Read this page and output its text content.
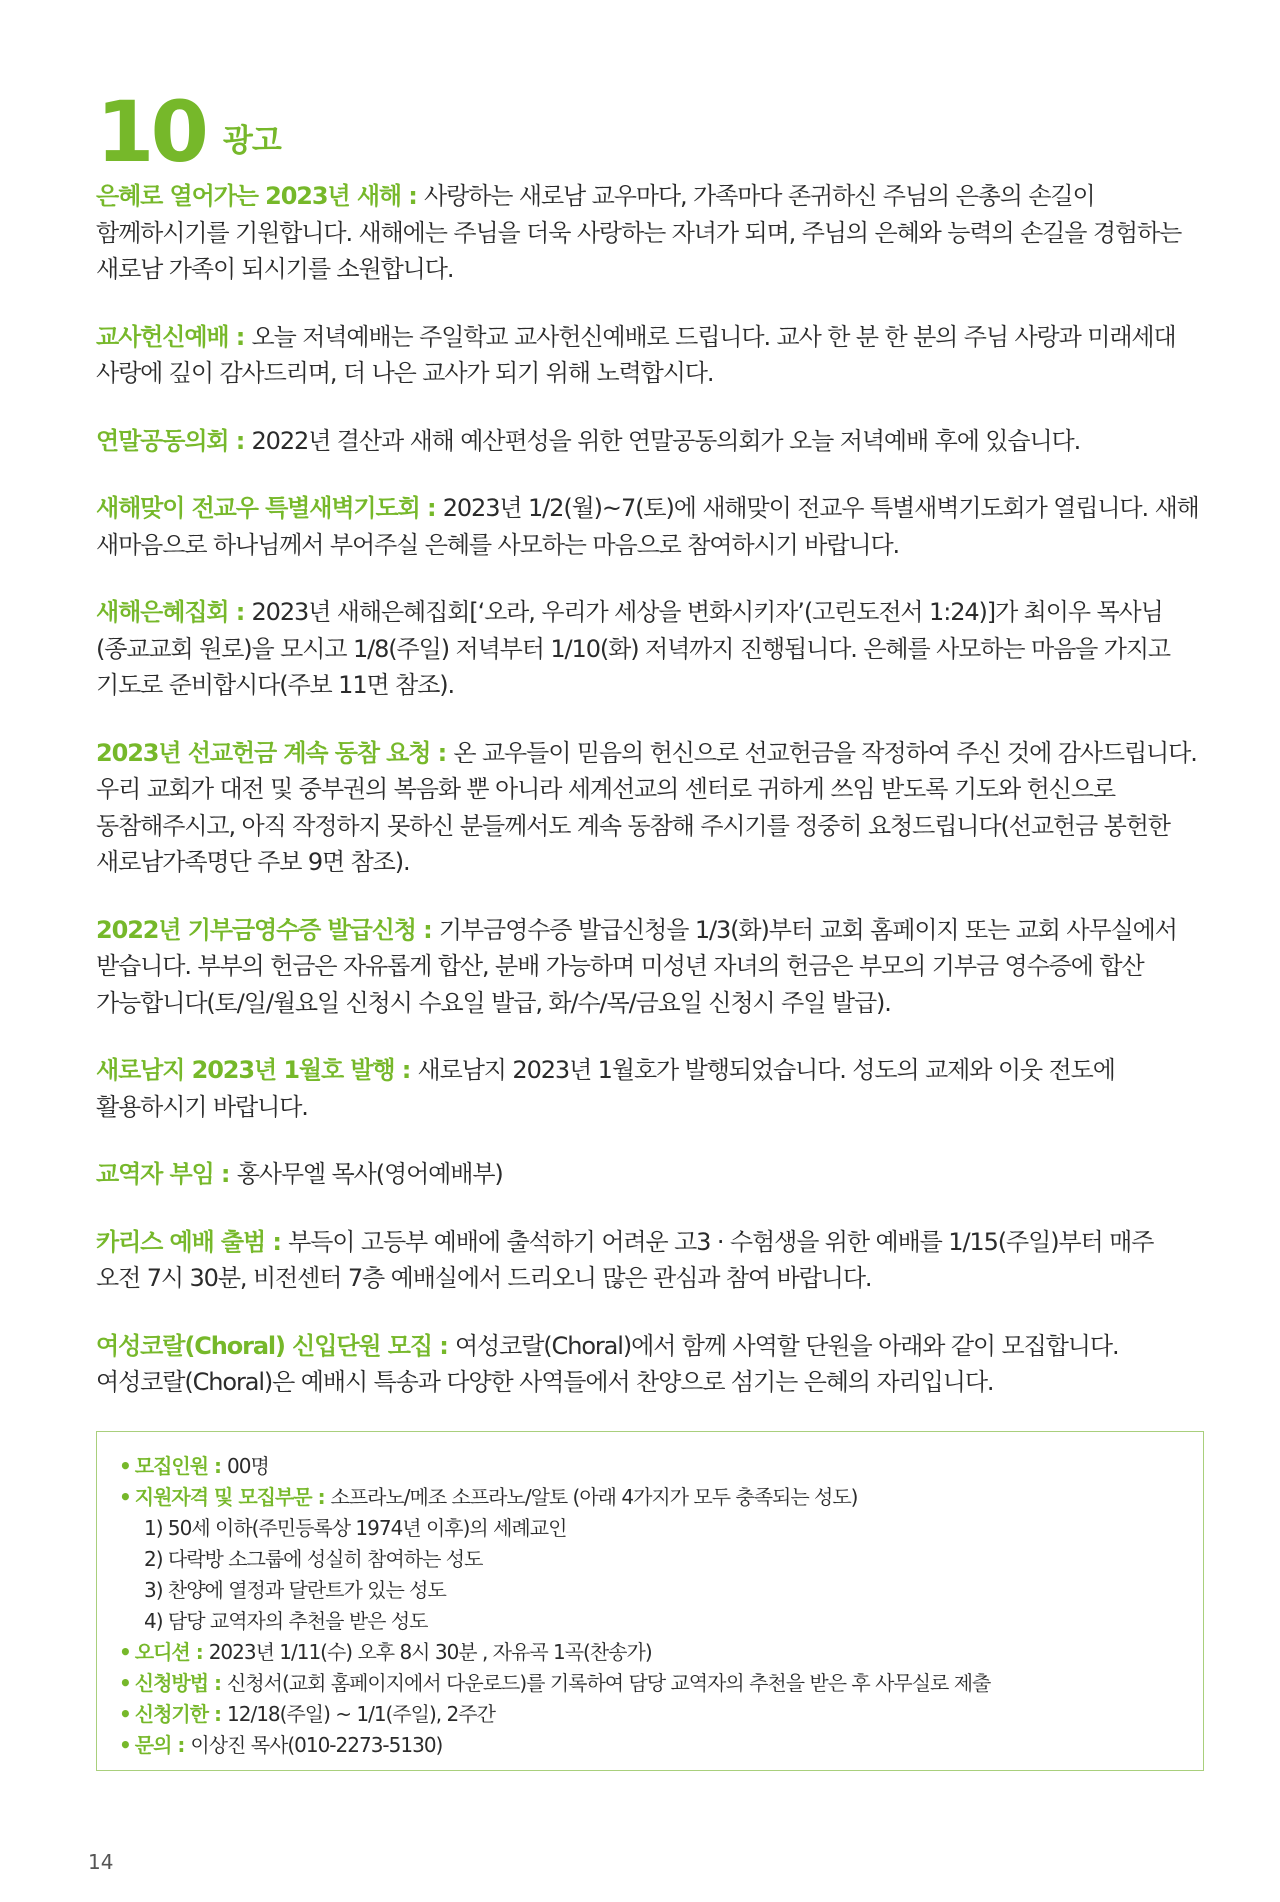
10 광고

은혜로 열어가는 2023년 새해 : 사랑하는 새로남 교우마다, 가족마다 존귀하신 주님의 은총의 손길이 함께하시기를 기원합니다. 새해에는 주님을 더욱 사랑하는 자녀가 되며, 주님의 은혜와 능력의 손길을 경험하는 새로남 가족이 되시기를 소원합니다.

교사헌신예배 : 오늘 저녁예배는 주일학교 교사헌신예배로 드립니다. 교사 한 분 한 분의 주님 사랑과 미래세대 사랑에 깊이 감사드리며, 더 나은 교사가 되기 위해 노력합시다.

연말공동의회 : 2022년 결산과 새해 예산편성을 위한 연말공동의회가 오늘 저녁예배 후에 있습니다.

새해맞이 전교우 특별새벽기도회 : 2023년 1/2(월)~7(토)에 새해맞이 전교우 특별새벽기도회가 열립니다. 새해 새마음으로 하나님께서 부어주실 은혜를 사모하는 마음으로 참여하시기 바랍니다.

새해은혜집회 : 2023년 새해은혜집회[‘오라, 우리가 세상을 변화시키자’(고린도전서 1:24)]가 최이우 목사님(종교교회 원로)을 모시고 1/8(주일) 저녁부터 1/10(화) 저녁까지 진행됩니다. 은혜를 사모하는 마음을 가지고 기도로 준비합시다(주보 11면 참조).

2023년 선교헌금 계속 동참 요청 : 온 교우들이 믿음의 헌신으로 선교헌금을 작정하여 주신 것에 감사드립니다. 우리 교회가 대전 및 중부권의 복음화 뿐 아니라 세계선교의 센터로 귀하게 쓰임 받도록 기도와 헌신으로 동참해주시고, 아직 작정하지 못하신 분들께서도 계속 동참해 주시기를 정중히 요청드립니다(선교헌금 봉헌한 새로남가족명단 주보 9면 참조).

2022년 기부금영수증 발급신청 : 기부금영수증 발급신청을 1/3(화)부터 교회 홈페이지 또는 교회 사무실에서 받습니다. 부부의 헌금은 자유롭게 합산, 분배 가능하며 미성년 자녀의 헌금은 부모의 기부금 영수증에 합산 가능합니다(토/일/월요일 신청시 수요일 발급, 화/수/목/금요일 신청시 주일 발급).

새로남지 2023년 1월호 발행 : 새로남지 2023년 1월호가 발행되었습니다. 성도의 교제와 이웃 전도에 활용하시기 바랍니다.

교역자 부임 : 홍사무엘 목사(영어예배부)

카리스 예배 출범 : 부득이 고등부 예배에 출석하기 어려운 고3 · 수험생을 위한 예배를 1/15(주일)부터 매주 오전 7시 30분, 비전센터 7층 예배실에서 드리오니 많은 관심과 참여 바랍니다.

여성코랄(Choral) 신입단원 모집 : 여성코랄(Choral)에서 함께 사역할 단원을 아래와 같이 모집합니다. 여성코랄(Choral)은 예배시 특송과 다양한 사역들에서 찬양으로 섬기는 은혜의 자리입니다.

• 모집인원 : 00명
• 지원자격 및 모집부문 : 소프라노/메조 소프라노/알토 (아래 4가지가 모두 충족되는 성도)
1) 50세 이하(주민등록상 1974년 이후)의 세례교인
2) 다락방 소그룹에 성실히 참여하는 성도
3) 찬양에 열정과 달란트가 있는 성도
4) 담당 교역자의 추천을 받은 성도
• 오디션 : 2023년 1/11(수) 오후 8시 30분 , 자유곡 1곡(찬송가)
• 신청방법 : 신청서(교회 홈페이지에서 다운로드)를 기록하여 담당 교역자의 추천을 받은 후 사무실로 제출
• 신청기한 : 12/18(주일) ~ 1/1(주일), 2주간
• 문의 : 이상진 목사(010-2273-5130)
14
